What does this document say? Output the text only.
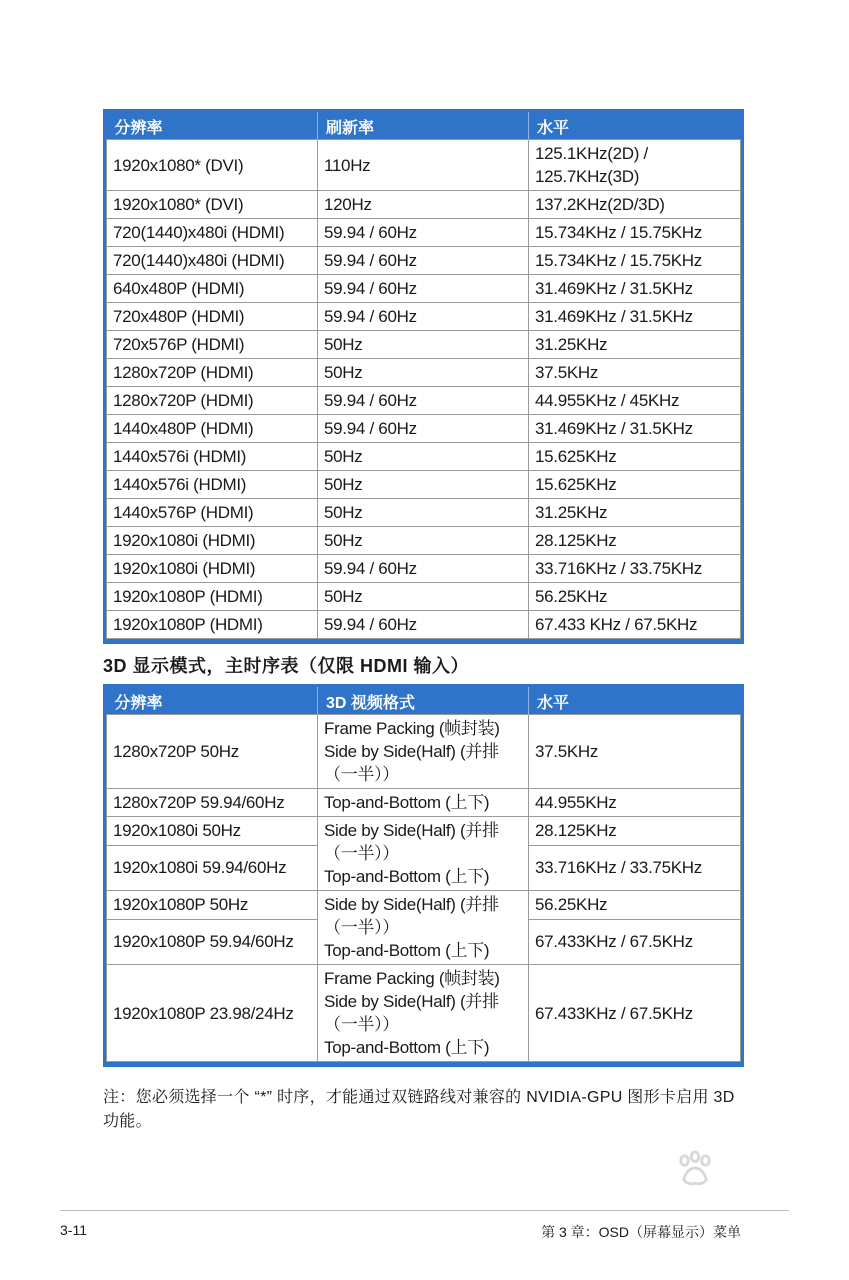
分辨率	刷新率	水平
1920x1080* (DVI)	110Hz	125.1KHz(2D) /
125.7KHz(3D)
1920x1080* (DVI)	120Hz	137.2KHz(2D/3D)
720(1440)x480i (HDMI)	59.94 / 60Hz	15.734KHz / 15.75KHz
720(1440)x480i (HDMI)	59.94 / 60Hz	15.734KHz / 15.75KHz
640x480P (HDMI)	59.94 / 60Hz	31.469KHz / 31.5KHz
720x480P (HDMI)	59.94 / 60Hz	31.469KHz / 31.5KHz
720x576P (HDMI)	50Hz	31.25KHz
1280x720P (HDMI)	50Hz	37.5KHz
1280x720P (HDMI)	59.94 / 60Hz	44.955KHz / 45KHz
1440x480P (HDMI)	59.94 / 60Hz	31.469KHz / 31.5KHz
1440x576i (HDMI)	50Hz	15.625KHz
1440x576i (HDMI)	50Hz	15.625KHz
1440x576P (HDMI)	50Hz	31.25KHz
1920x1080i (HDMI)	50Hz	28.125KHz
1920x1080i (HDMI)	59.94 / 60Hz	33.716KHz / 33.75KHz
1920x1080P (HDMI)	50Hz	56.25KHz
1920x1080P (HDMI)	59.94 / 60Hz	67.433 KHz / 67.5KHz
3D 显示模式，主时序表（仅限 HDMI 输入）
分辨率	3D 视频格式	水平
1280x720P 50Hz	Frame Packing (帧封装)
Side by Side(Half) (并排
（一半））	37.5KHz
1280x720P 59.94/60Hz	Top-and-Bottom (上下)	44.955KHz
1920x1080i 50Hz	Side by Side(Half) (并排
（一半））
Top-and-Bottom (上下)	28.125KHz
1920x1080i 59.94/60Hz		33.716KHz / 33.75KHz
1920x1080P 50Hz	Side by Side(Half) (并排
（一半））
Top-and-Bottom (上下)	56.25KHz
1920x1080P 59.94/60Hz		67.433KHz / 67.5KHz
1920x1080P 23.98/24Hz	Frame Packing (帧封装)
Side by Side(Half) (并排
（一半））
Top-and-Bottom (上下)	67.433KHz / 67.5KHz
注：您必须选择一个 “*” 时序，才能通过双链路线对兼容的 NVIDIA-GPU 图形卡启用 3D 功能。
3-11	第 3 章：OSD（屏幕显示）菜单
